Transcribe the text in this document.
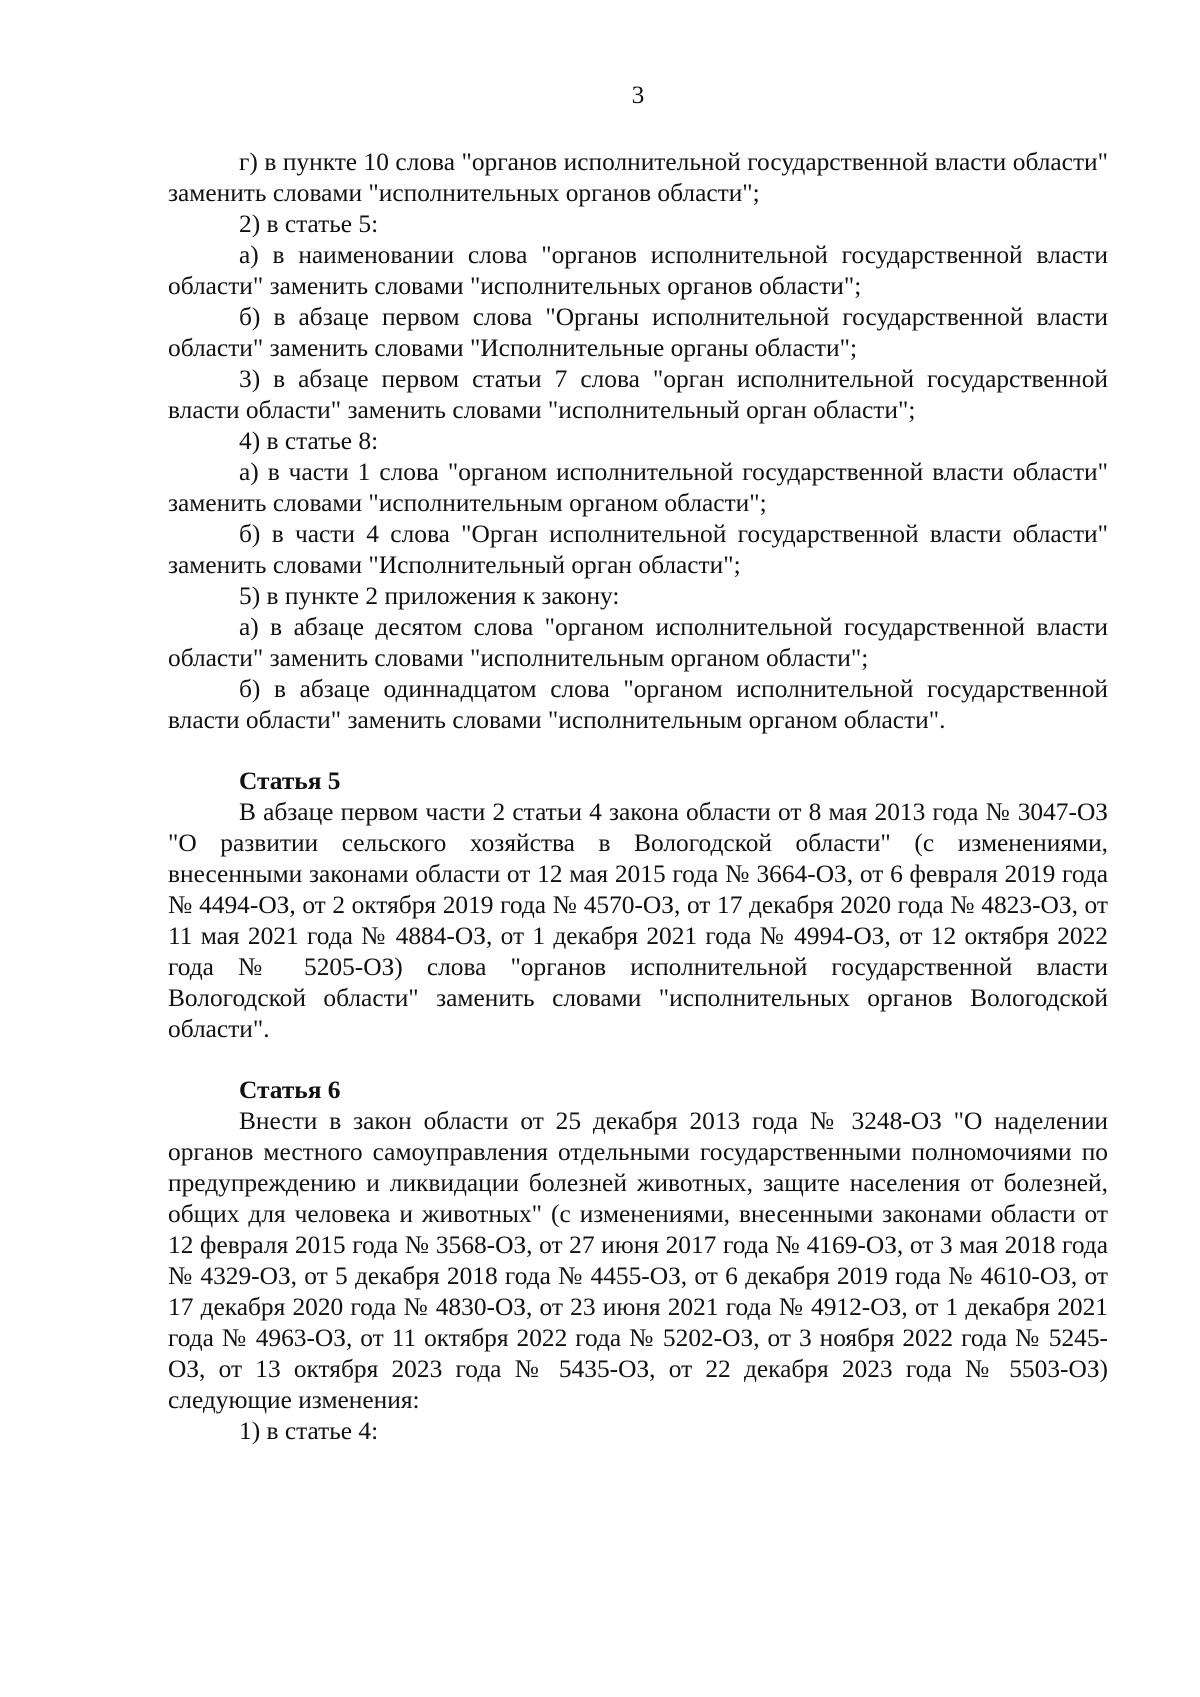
3

г) в пункте 10 слова "органов исполнительной государственной власти области" заменить словами "исполнительных органов области";

2) в статье 5:

а) в наименовании слова "органов исполнительной государственной власти области" заменить словами "исполнительных органов области";

б) в абзаце первом слова "Органы исполнительной государственной власти области" заменить словами "Исполнительные органы области";

3) в абзаце первом статьи 7 слова "орган исполнительной государственной власти области" заменить словами "исполнительный орган области";

4) в статье 8:

а) в части 1 слова "органом исполнительной государственной власти области" заменить словами "исполнительным органом области";

б) в части 4 слова "Орган исполнительной государственной власти области" заменить словами "Исполнительный орган области";

5) в пункте 2 приложения к закону:

а) в абзаце десятом слова "органом исполнительной государственной власти области" заменить словами "исполнительным органом области";

б) в абзаце одиннадцатом слова "органом исполнительной государственной власти области" заменить словами "исполнительным органом области".

Статья 5

В абзаце первом части 2 статьи 4 закона области от 8 мая 2013 года № 3047-ОЗ "О развитии сельского хозяйства в Вологодской области" (с изменениями, внесенными законами области от 12 мая 2015 года № 3664-ОЗ, от 6 февраля 2019 года № 4494-ОЗ, от 2 октября 2019 года № 4570-ОЗ, от 17 декабря 2020 года № 4823-ОЗ, от 11 мая 2021 года № 4884-ОЗ, от 1 декабря 2021 года № 4994-ОЗ, от 12 октября 2022 года № 5205-ОЗ) слова "органов исполнительной государственной власти Вологодской области" заменить словами "исполнительных органов Вологодской области".

Статья 6

Внести в закон области от 25 декабря 2013 года № 3248-ОЗ "О наделении органов местного самоуправления отдельными государственными полномочиями по предупреждению и ликвидации болезней животных, защите населения от болезней, общих для человека и животных" (с изменениями, внесенными законами области от 12 февраля 2015 года № 3568-ОЗ, от 27 июня 2017 года № 4169-ОЗ, от 3 мая 2018 года № 4329-ОЗ, от 5 декабря 2018 года № 4455-ОЗ, от 6 декабря 2019 года № 4610-ОЗ, от 17 декабря 2020 года № 4830-ОЗ, от 23 июня 2021 года № 4912-ОЗ, от 1 декабря 2021 года № 4963-ОЗ, от 11 октября 2022 года № 5202-ОЗ, от 3 ноября 2022 года № 5245-ОЗ, от 13 октября 2023 года № 5435-ОЗ, от 22 декабря 2023 года № 5503-ОЗ) следующие изменения:

1) в статье 4:
